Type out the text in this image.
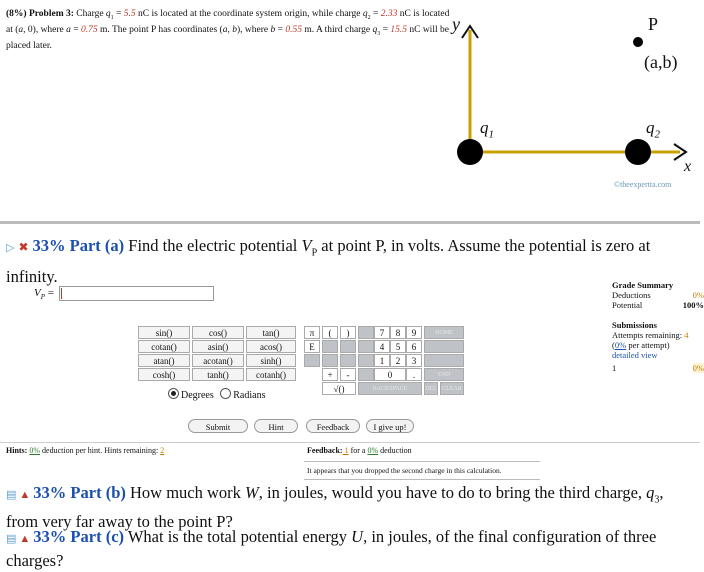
(8%) Problem 3: Charge $q_1 = 5.5$ nC is located at the coordinate system origin, while charge $q_2 = 2.33$ nC is located at (a, 0), where a = 0.75 m. The point P has coordinates (a, b), where b = 0.55 m. A third charge $q_3 = 15.5$ nC will be placed later.
y
x
P
(a,b)
$q_1$	$q_2$
©theexpertta.com
▷ ✖ 33% Part (a) Find the electric potential $V_P$ at point P, in volts. Assume the potential is zero at infinity.
$V_P$ =
Grade Summary
Deductions	0%
Potential	100%
Submissions
Attempts remaining: 4
(0% per attempt)
detailed view
1	0%
sin()	cos()	tan()
cotan()	asin()	acos()
atan()	acotan()	sinh()
cosh()	tanh()	cotanh()
π	(	)
E
+	-
√()
7	8	9
4	5	6
1	2	3
0	.
HOME
END
BACKSPACE	DEL CLEAR
Degrees Radians
Submit	Hint	Feedback	I give up!
Hints: 0% deduction per hint. Hints remaining: 2	Feedback: 1 for a 0% deduction
It appears that you dropped the second charge in this calculation.
▤ ▲ 33% Part (b) How much work W, in joules, would you have to do to bring the third charge, $q_3$, from very far away to the point P?
▤ ▲ 33% Part (c) What is the total potential energy U, in joules, of the final configuration of three charges?
